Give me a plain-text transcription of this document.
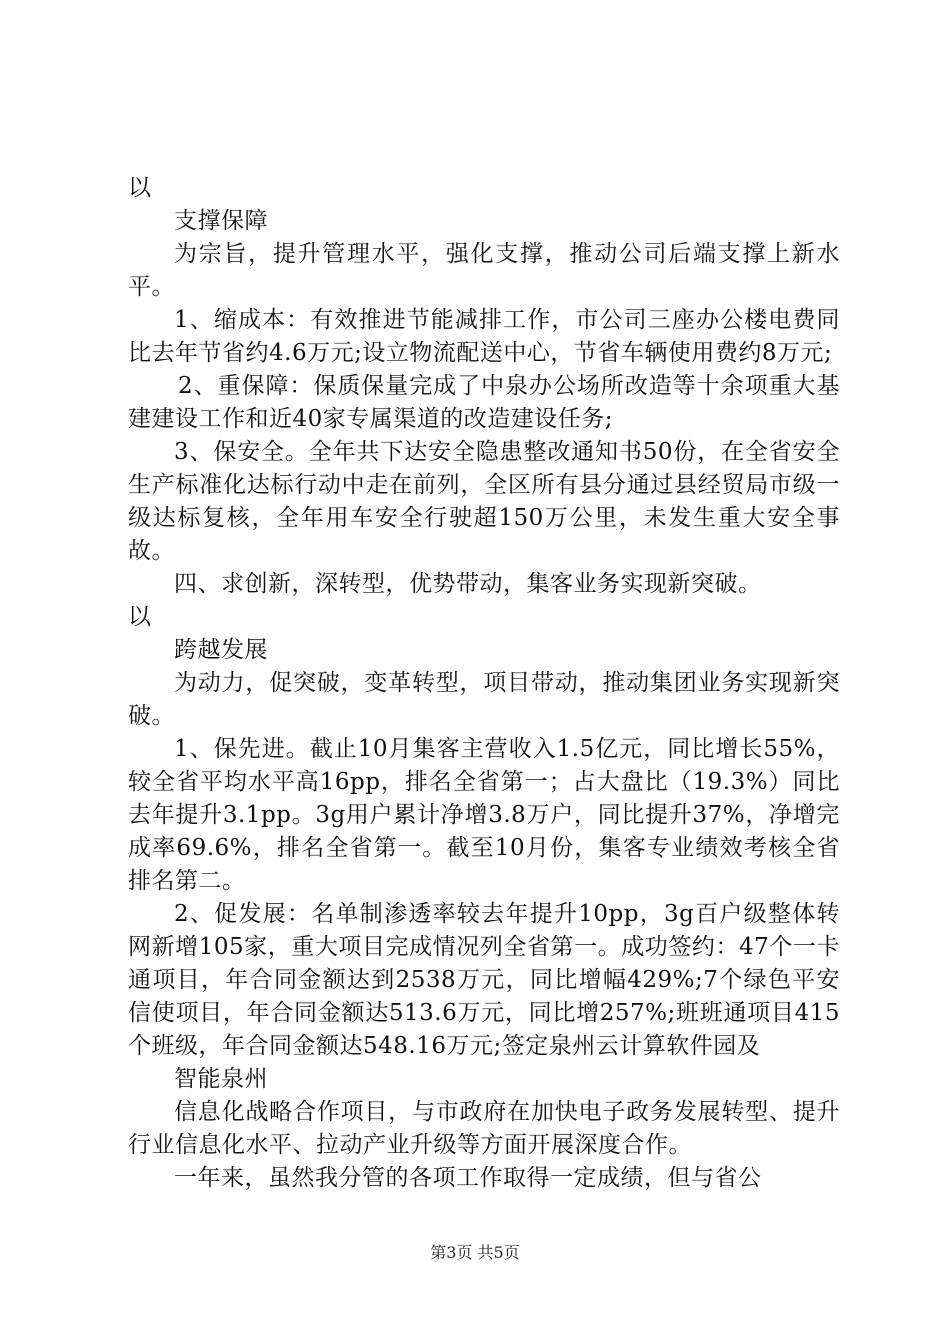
以

支撑保障

为宗旨，提升管理水平，强化支撑，推动公司后端支撑上新水平。

1、缩成本：有效推进节能减排工作，市公司三座办公楼电费同比去年节省约4.6万元;设立物流配送中心，节省车辆使用费约8万元;

2、重保障：保质保量完成了中泉办公场所改造等十余项重大基建建设工作和近40家专属渠道的改造建设任务;

3、保安全。全年共下达安全隐患整改通知书50份，在全省安全生产标准化达标行动中走在前列，全区所有县分通过县经贸局市级一级达标复核，全年用车安全行驶超150万公里，未发生重大安全事故。

四、求创新，深转型，优势带动，集客业务实现新突破。

以

跨越发展

为动力，促突破，变革转型，项目带动，推动集团业务实现新突破。

1、保先进。截止10月集客主营收入1.5亿元，同比增长55%，较全省平均水平高16pp，排名全省第一；占大盘比（19.3%）同比去年提升3.1pp。3g用户累计净增3.8万户，同比提升37%，净增完成率69.6%，排名全省第一。截至10月份，集客专业绩效考核全省排名第二。

2、促发展：名单制渗透率较去年提升10pp，3g百户级整体转网新增105家，重大项目完成情况列全省第一。成功签约：47个一卡通项目，年合同金额达到2538万元，同比增幅429%;7个绿色平安信使项目，年合同金额达513.6万元，同比增257%;班班通项目415个班级，年合同金额达548.16万元;签定泉州云计算软件园及

智能泉州

信息化战略合作项目，与市政府在加快电子政务发展转型、提升行业信息化水平、拉动产业升级等方面开展深度合作。

一年来，虽然我分管的各项工作取得一定成绩，但与省公

第3页 共5页
